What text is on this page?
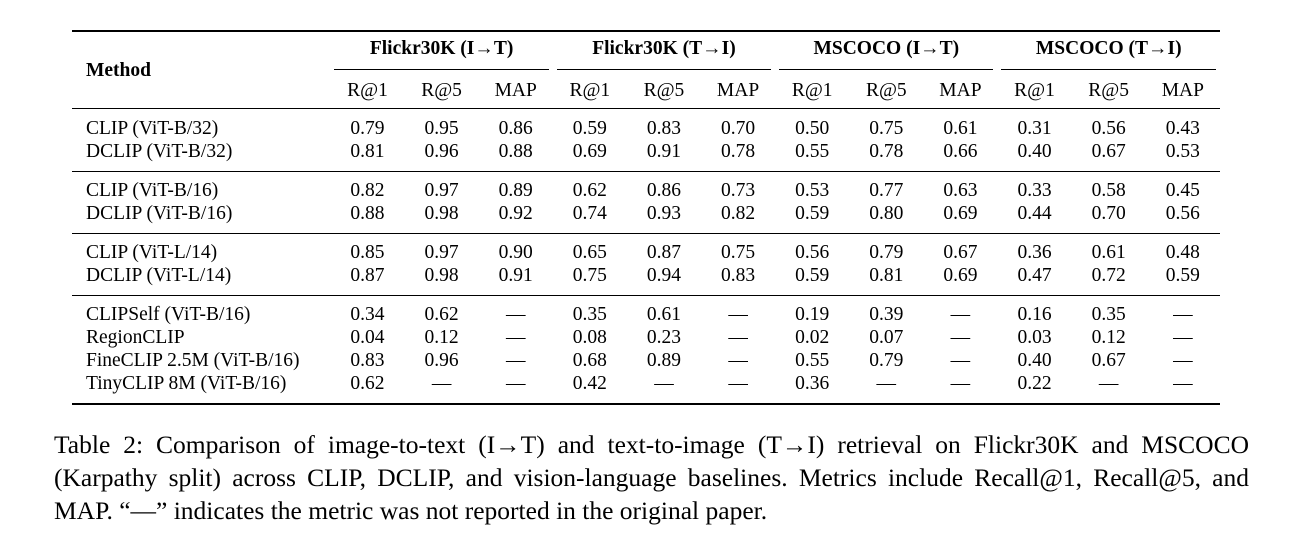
Method	Flickr30K (I→T)			Flickr30K (T→I)			MSCOCO (I→T)			MSCOCO (T→I)		

	R@1	R@5	MAP	R@1	R@5	MAP	R@1	R@5	MAP	R@1	R@5	MAP
CLIP (ViT-B/32)	0.79	0.95	0.86	0.59	0.83	0.70	0.50	0.75	0.61	0.31	0.56	0.43
DCLIP (ViT-B/32)	0.81	0.96	0.88	0.69	0.91	0.78	0.55	0.78	0.66	0.40	0.67	0.53
CLIP (ViT-B/16)	0.82	0.97	0.89	0.62	0.86	0.73	0.53	0.77	0.63	0.33	0.58	0.45
DCLIP (ViT-B/16)	0.88	0.98	0.92	0.74	0.93	0.82	0.59	0.80	0.69	0.44	0.70	0.56
CLIP (ViT-L/14)	0.85	0.97	0.90	0.65	0.87	0.75	0.56	0.79	0.67	0.36	0.61	0.48
DCLIP (ViT-L/14)	0.87	0.98	0.91	0.75	0.94	0.83	0.59	0.81	0.69	0.47	0.72	0.59
CLIPSelf (ViT-B/16)	0.34	0.62	—	0.35	0.61	—	0.19	0.39	—	0.16	0.35	—
RegionCLIP	0.04	0.12	—	0.08	0.23	—	0.02	0.07	—	0.03	0.12	—
FineCLIP 2.5M (ViT-B/16)	0.83	0.96	—	0.68	0.89	—	0.55	0.79	—	0.40	0.67	—
TinyCLIP 8M (ViT-B/16)	0.62	—	—	0.42	—	—	0.36	—	—	0.22	—	—
Table 2: Comparison of image-to-text (I→T) and text-to-image (T→I) retrieval on Flickr30K and MSCOCO (Karpathy split) across CLIP, DCLIP, and vision-language baselines. Metrics include Recall@1, Recall@5, and MAP. “—” indicates the metric was not reported in the original paper.
